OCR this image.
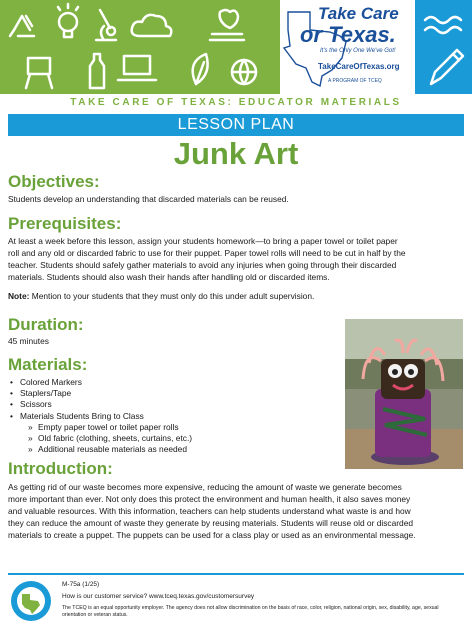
Take Care
or Texas.
It's the Only One We've Got!
TakeCareOfTexas.org
A PROGRAM OF TCEQ
TAKE CARE OF TEXAS: EDUCATOR MATERIALS
LESSON PLAN
Junk Art
Objectives:
Students develop an understanding that discarded materials can be reused.
Prerequisites:
At least a week before this lesson, assign your students homework—to bring a paper towel or toilet paper
roll and any old or discarded fabric to use for their puppet. Paper towel rolls will need to be cut in half by the
teacher. Students should safely gather materials to avoid any injuries when going through their discarded
materials. Students should also wash their hands after handling old or discarded items.
Note: Mention to your students that they must only do this under adult supervision.
Duration:
45 minutes
Materials:
• Colored Markers
• Staplers/Tape
• Scissors
• Materials Students Bring to Class
» Empty paper towel or toilet paper rolls
» Old fabric (clothing, sheets, curtains, etc.)
» Additional reusable materials as needed
Introduction:
As getting rid of our waste becomes more expensive, reducing the amount of waste we generate becomes
more important than ever. Not only does this protect the environment and human health, it also saves money
and valuable resources. With this information, teachers can help students understand what waste is and how
they can reduce the amount of waste they generate by reusing materials. Students will reuse old or discarded
materials to create a puppet. The puppets can be used for a class play or used as an environmental message.
M-75a (1/25)
How is our customer service? www.tceq.texas.gov/customersurvey
The TCEQ is an equal opportunity employer. The agency does not allow discrimination on the basis of race, color, religion, national origin, sex, disability, age, sexual orientation or veteran status.
